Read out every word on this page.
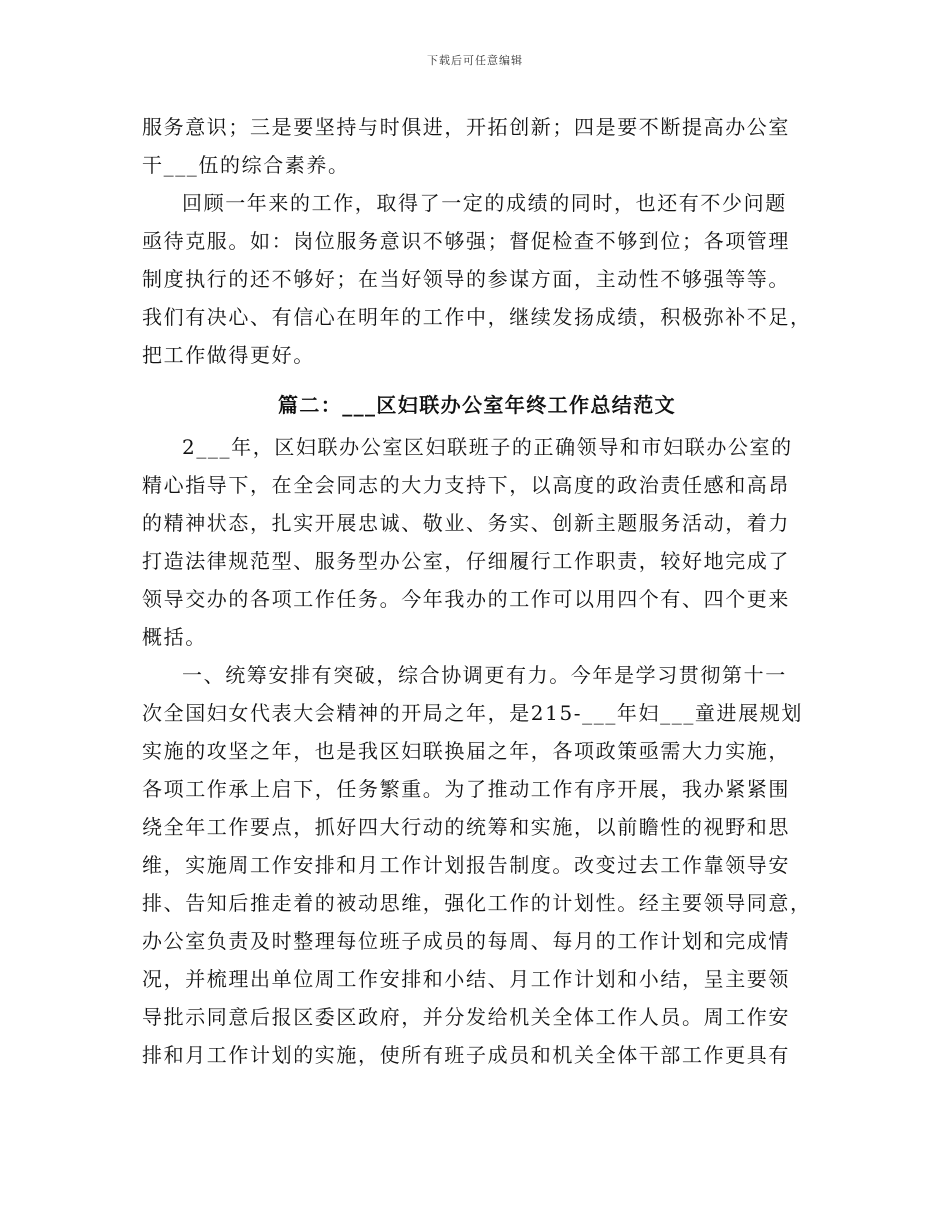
下载后可任意编辑
服务意识；三是要坚持与时俱进，开拓创新；四是要不断提高办公室
干___伍的综合素养。
回顾一年来的工作，取得了一定的成绩的同时，也还有不少问题
亟待克服。如：岗位服务意识不够强；督促检查不够到位；各项管理
制度执行的还不够好；在当好领导的参谋方面，主动性不够强等等。
我们有决心、有信心在明年的工作中，继续发扬成绩，积极弥补不足，
把工作做得更好。
篇二：___区妇联办公室年终工作总结范文
2___年，区妇联办公室区妇联班子的正确领导和市妇联办公室的
精心指导下，在全会同志的大力支持下，以高度的政治责任感和高昂
的精神状态，扎实开展忠诚、敬业、务实、创新主题服务活动，着力
打造法律规范型、服务型办公室，仔细履行工作职责，较好地完成了
领导交办的各项工作任务。今年我办的工作可以用四个有、四个更来
概括。
一、统筹安排有突破，综合协调更有力。今年是学习贯彻第十一
次全国妇女代表大会精神的开局之年，是215-___年妇___童进展规划
实施的攻坚之年，也是我区妇联换届之年，各项政策亟需大力实施，
各项工作承上启下，任务繁重。为了推动工作有序开展，我办紧紧围
绕全年工作要点，抓好四大行动的统筹和实施，以前瞻性的视野和思
维，实施周工作安排和月工作计划报告制度。改变过去工作靠领导安
排、告知后推走着的被动思维，强化工作的计划性。经主要领导同意，
办公室负责及时整理每位班子成员的每周、每月的工作计划和完成情
况，并梳理出单位周工作安排和小结、月工作计划和小结，呈主要领
导批示同意后报区委区政府，并分发给机关全体工作人员。周工作安
排和月工作计划的实施，使所有班子成员和机关全体干部工作更具有
